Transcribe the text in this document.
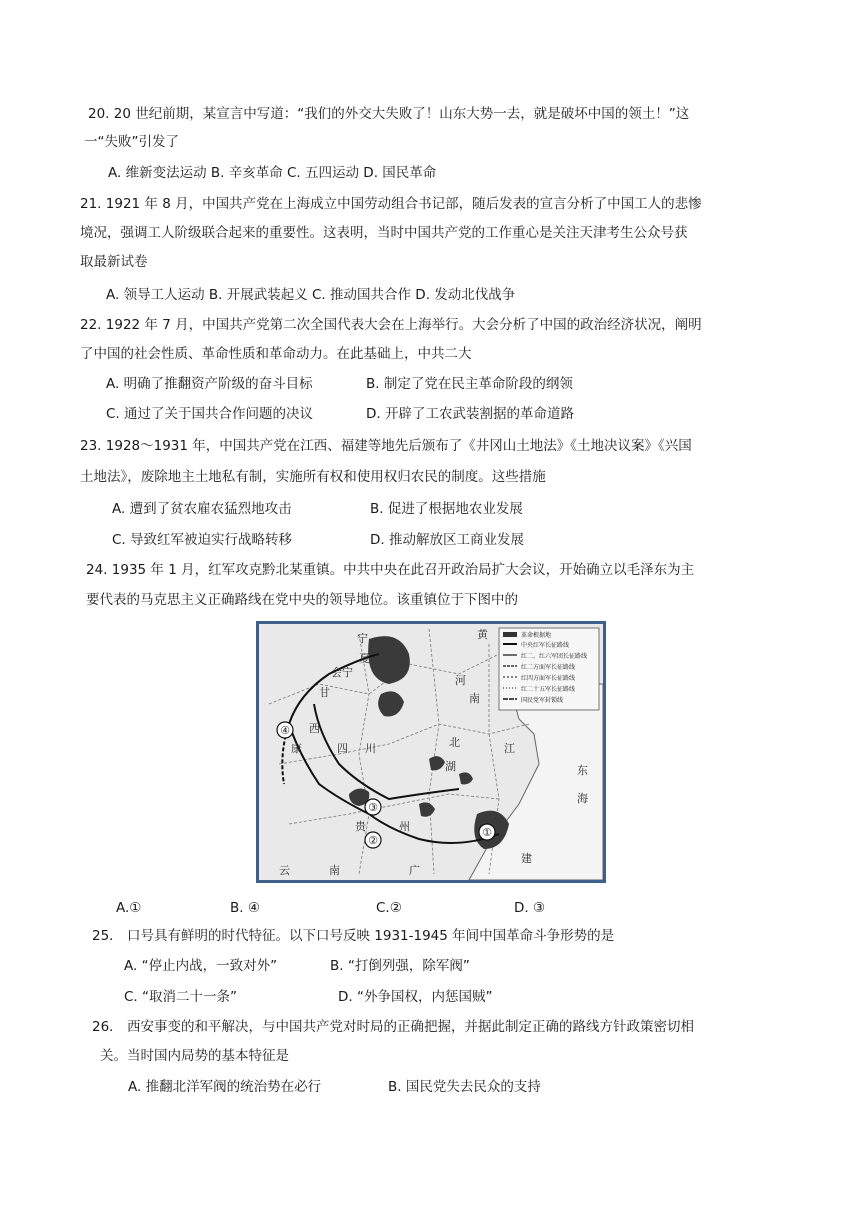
20. 20 世纪前期，某宣言中写道：“我们的外交大失败了！山东大势一去，就是破坏中国的领土！”这
一“失败”引发了
A. 维新变法运动 B. 辛亥革命 C. 五四运动 D. 国民革命
21. 1921 年 8 月，中国共产党在上海成立中国劳动组合书记部，随后发表的宣言分析了中国工人的悲惨
境况，强调工人阶级联合起来的重要性。这表明，当时中国共产党的工作重心是关注天津考生公众号获
取最新试卷
A. 领导工人运动 B. 开展武装起义 C. 推动国共合作 D. 发动北伐战争
22. 1922 年 7 月，中国共产党第二次全国代表大会在上海举行。大会分析了中国的政治经济状况，阐明
了中国的社会性质、革命性质和革命动力。在此基础上，中共二大
A. 明确了推翻资产阶级的奋斗目标	B. 制定了党在民主革命阶段的纲领
C. 通过了关于国共合作问题的决议	D. 开辟了工农武装割据的革命道路
23. 1928～1931 年，中国共产党在江西、福建等地先后颁布了《井冈山土地法》《土地决议案》《兴国
土地法》，废除地主土地私有制，实施所有权和使用权归农民的制度。这些措施
A. 遭到了贫农雇农猛烈地攻击	B. 促进了根据地农业发展
C. 导致红军被迫实行战略转移	D. 推动解放区工商业发展
24. 1935 年 1 月，红军攻克黔北某重镇。中共中央在此召开政治局扩大会议，开始确立以毛泽东为主
要代表的马克思主义正确路线在党中央的领导地位。该重镇位于下图中的
革命根据地
中央红军长征路线
红二、红六军团长征路线
红二方面军长征路线
红四方面军长征路线
红二十五军长征路线
国民党军封锁线
宁
夏
会宁
甘
黄
河
南
四 川
西
康	北
湖
江
贵	州
云	南	广
建
东
海
④
③
②
①
A.①	B. ④	C.②	D. ③
25． 口号具有鲜明的时代特征。以下口号反映 1931-1945 年间中国革命斗争形势的是
A. “停止内战，一致对外”	B. “打倒列强，除军阀”
C. “取消二十一条”	D. “外争国权，内惩国贼”
26． 西安事变的和平解决，与中国共产党对时局的正确把握，并据此制定正确的路线方针政策密切相
关。当时国内局势的基本特征是
A. 推翻北洋军阀的统治势在必行	B. 国民党失去民众的支持
